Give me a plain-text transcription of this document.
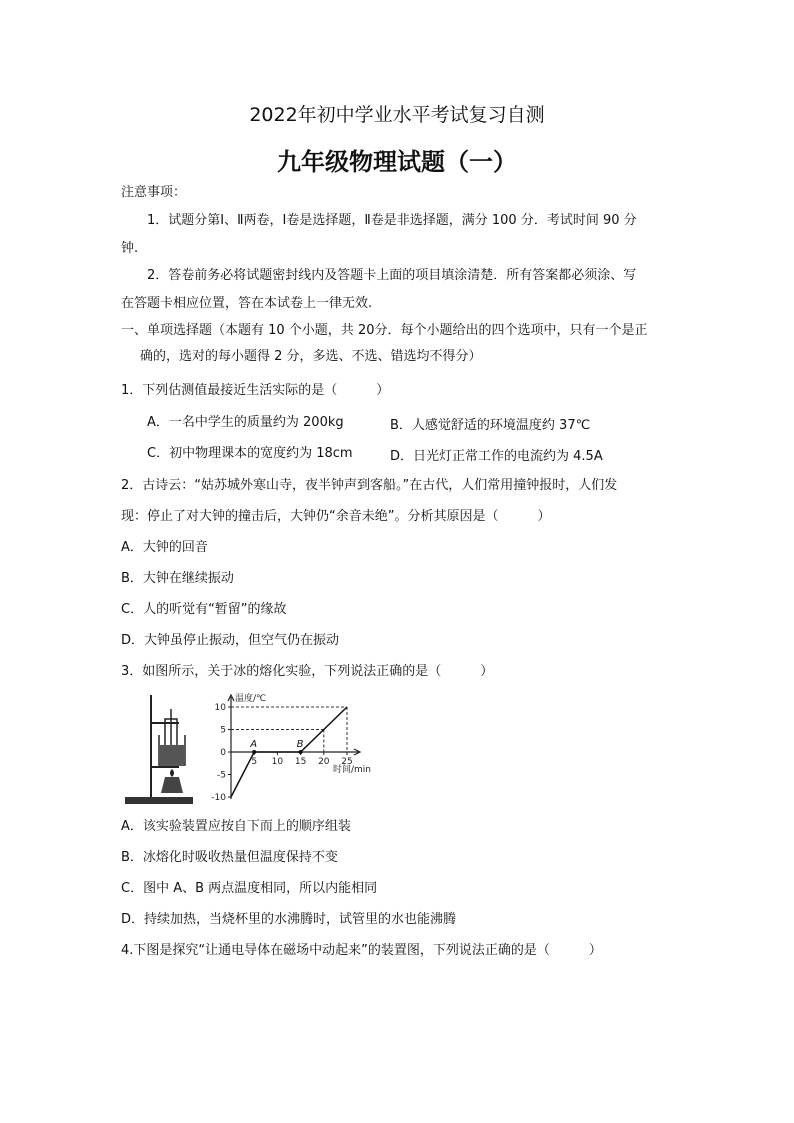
2022年初中学业水平考试复习自测
九年级物理试题（一）
注意事项：
1．试题分第Ⅰ、Ⅱ两卷，Ⅰ卷是选择题，Ⅱ卷是非选择题，满分 100 分．考试时间 90 分
钟.
2．答卷前务必将试题密封线内及答题卡上面的项目填涂清楚．所有答案都必须涂、写
在答题卡相应位置，答在本试卷上一律无效.
一、单项选择题（本题有 10 个小题，共 20分．每个小题给出的四个选项中，只有一个是正
确的，选对的每小题得 2 分，多选、不选、错选均不得分）
1．下列估测值最接近生活实际的是（　　　）
A．一名中学生的质量约为 200kg	B．人感觉舒适的环境温度约 37℃
C．初中物理课本的宽度约为 18cm	D．日光灯正常工作的电流约为 4.5A
2．古诗云：“姑苏城外寒山寺，夜半钟声到客船。”在古代，人们常用撞钟报时，人们发
现：停止了对大钟的撞击后，大钟仍“余音未绝”。分析其原因是（　　　）
A．大钟的回音
B．大钟在继续振动
C．人的听觉有“暂留”的缘故
D．大钟虽停止振动，但空气仍在振动
3．如图所示，关于冰的熔化实验，下列说法正确的是（　　　）
温度/℃
时间/min
10
5
0
-5
-10
5 10 15 20 25
A	B
A．该实验装置应按自下而上的顺序组装
B．冰熔化时吸收热量但温度保持不变
C．图中 A、B 两点温度相同，所以内能相同
D．持续加热，当烧杯里的水沸腾时，试管里的水也能沸腾
4.下图是探究“让通电导体在磁场中动起来”的装置图，下列说法正确的是（　　　）
